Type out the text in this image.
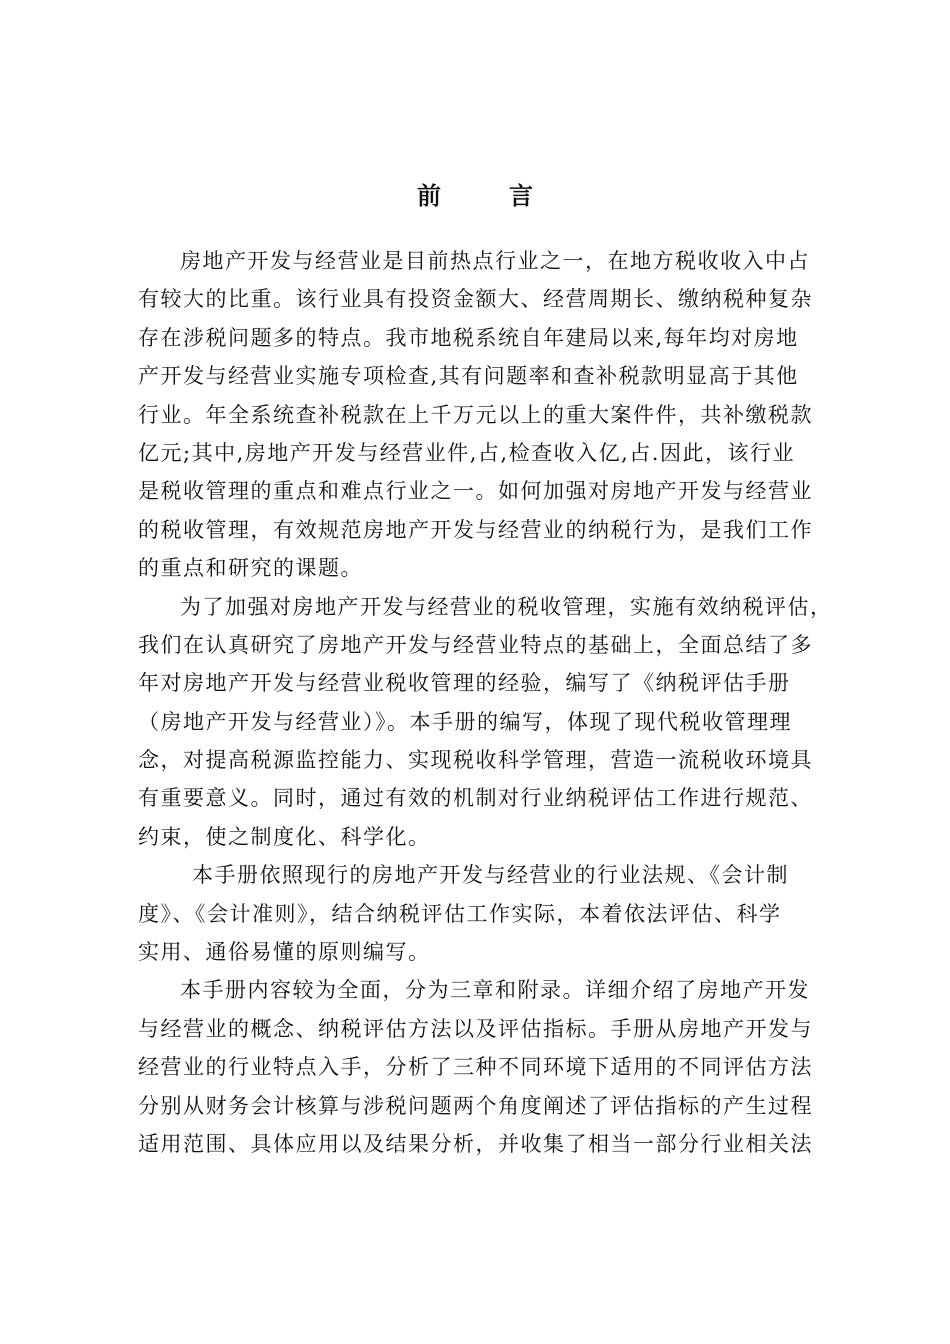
前	言
房地产开发与经营业是目前热点行业之一，在地方税收收入中占
有较大的比重。该行业具有投资金额大、经营周期长、缴纳税种复杂
存在涉税问题多的特点。我市地税系统自年建局以来,每年均对房地
产开发与经营业实施专项检查,其有问题率和查补税款明显高于其他
行业。年全系统查补税款在上千万元以上的重大案件件，共补缴税款
亿元;其中,房地产开发与经营业件,占,检查收入亿,占.因此，该行业
是税收管理的重点和难点行业之一。如何加强对房地产开发与经营业
的税收管理，有效规范房地产开发与经营业的纳税行为，是我们工作
的重点和研究的课题。
为了加强对房地产开发与经营业的税收管理，实施有效纳税评估，
我们在认真研究了房地产开发与经营业特点的基础上，全面总结了多
年对房地产开发与经营业税收管理的经验，编写了《纳税评估手册
（房地产开发与经营业）》。本手册的编写，体现了现代税收管理理
念，对提高税源监控能力、实现税收科学管理，营造一流税收环境具
有重要意义。同时，通过有效的机制对行业纳税评估工作进行规范、
约束，使之制度化、科学化。
本手册依照现行的房地产开发与经营业的行业法规、《会计制
度》、《会计准则》，结合纳税评估工作实际，本着依法评估、科学
实用、通俗易懂的原则编写。
本手册内容较为全面，分为三章和附录。详细介绍了房地产开发
与经营业的概念、纳税评估方法以及评估指标。手册从房地产开发与
经营业的行业特点入手，分析了三种不同环境下适用的不同评估方法
分别从财务会计核算与涉税问题两个角度阐述了评估指标的产生过程
适用范围、具体应用以及结果分析，并收集了相当一部分行业相关法
